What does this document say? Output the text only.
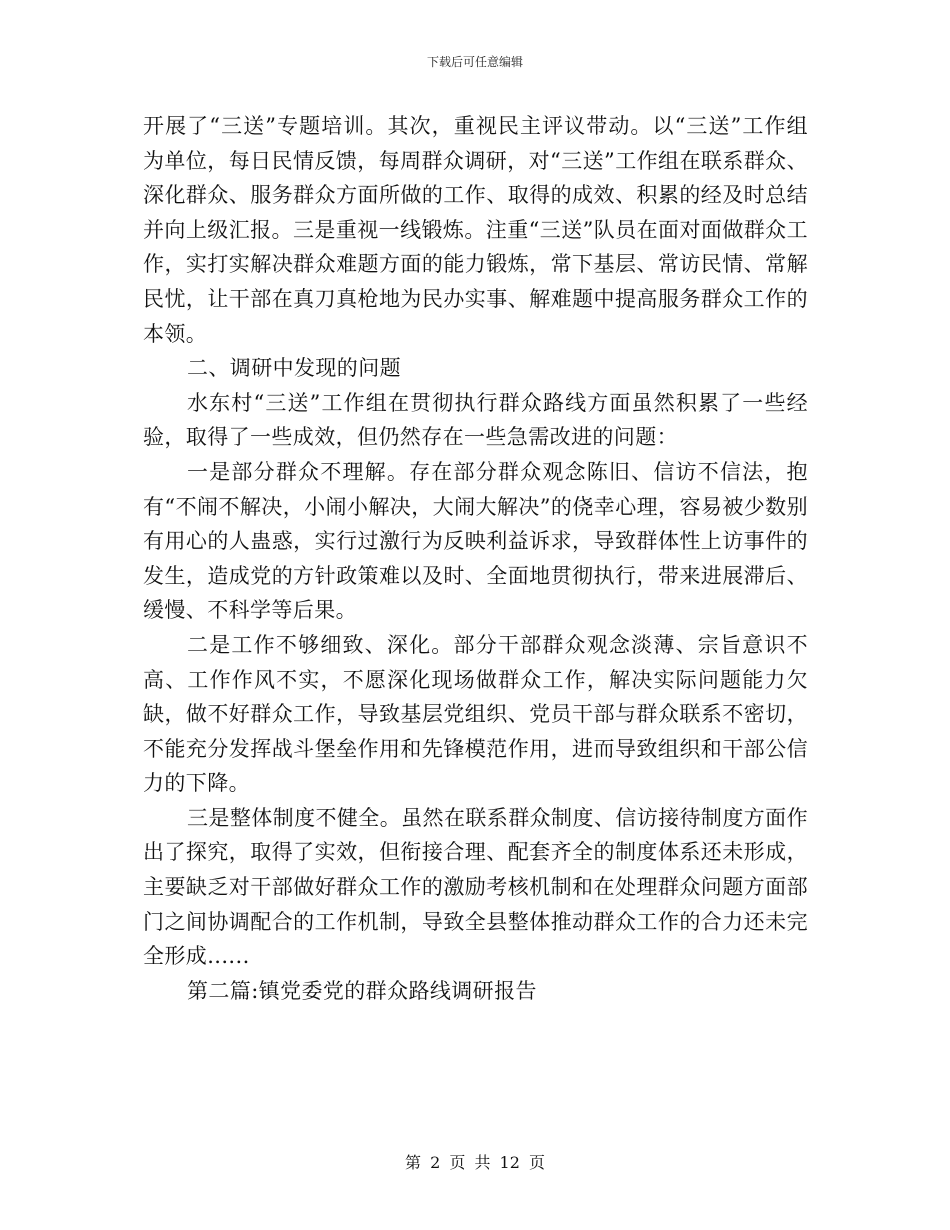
下载后可任意编辑

开展了“三送”专题培训。其次，重视民主评议带动。以“三送”工作组为单位，每日民情反馈，每周群众调研，对“三送”工作组在联系群众、深化群众、服务群众方面所做的工作、取得的成效、积累的经及时总结并向上级汇报。三是重视一线锻炼。注重“三送”队员在面对面做群众工作，实打实解决群众难题方面的能力锻炼，常下基层、常访民情、常解民忧，让干部在真刀真枪地为民办实事、解难题中提高服务群众工作的本领。

二、调研中发现的问题

水东村“三送”工作组在贯彻执行群众路线方面虽然积累了一些经验，取得了一些成效，但仍然存在一些急需改进的问题：

一是部分群众不理解。存在部分群众观念陈旧、信访不信法，抱有“不闹不解决，小闹小解决，大闹大解决”的侥幸心理，容易被少数别有用心的人蛊惑，实行过激行为反映利益诉求，导致群体性上访事件的发生，造成党的方针政策难以及时、全面地贯彻执行，带来进展滞后、缓慢、不科学等后果。

二是工作不够细致、深化。部分干部群众观念淡薄、宗旨意识不高、工作作风不实，不愿深化现场做群众工作，解决实际问题能力欠缺，做不好群众工作，导致基层党组织、党员干部与群众联系不密切，不能充分发挥战斗堡垒作用和先锋模范作用，进而导致组织和干部公信力的下降。

三是整体制度不健全。虽然在联系群众制度、信访接待制度方面作出了探究，取得了实效，但衔接合理、配套齐全的制度体系还未形成，主要缺乏对干部做好群众工作的激励考核机制和在处理群众问题方面部门之间协调配合的工作机制，导致全县整体推动群众工作的合力还未完全形成......

第二篇:镇党委党的群众路线调研报告

第 2 页 共 12 页
